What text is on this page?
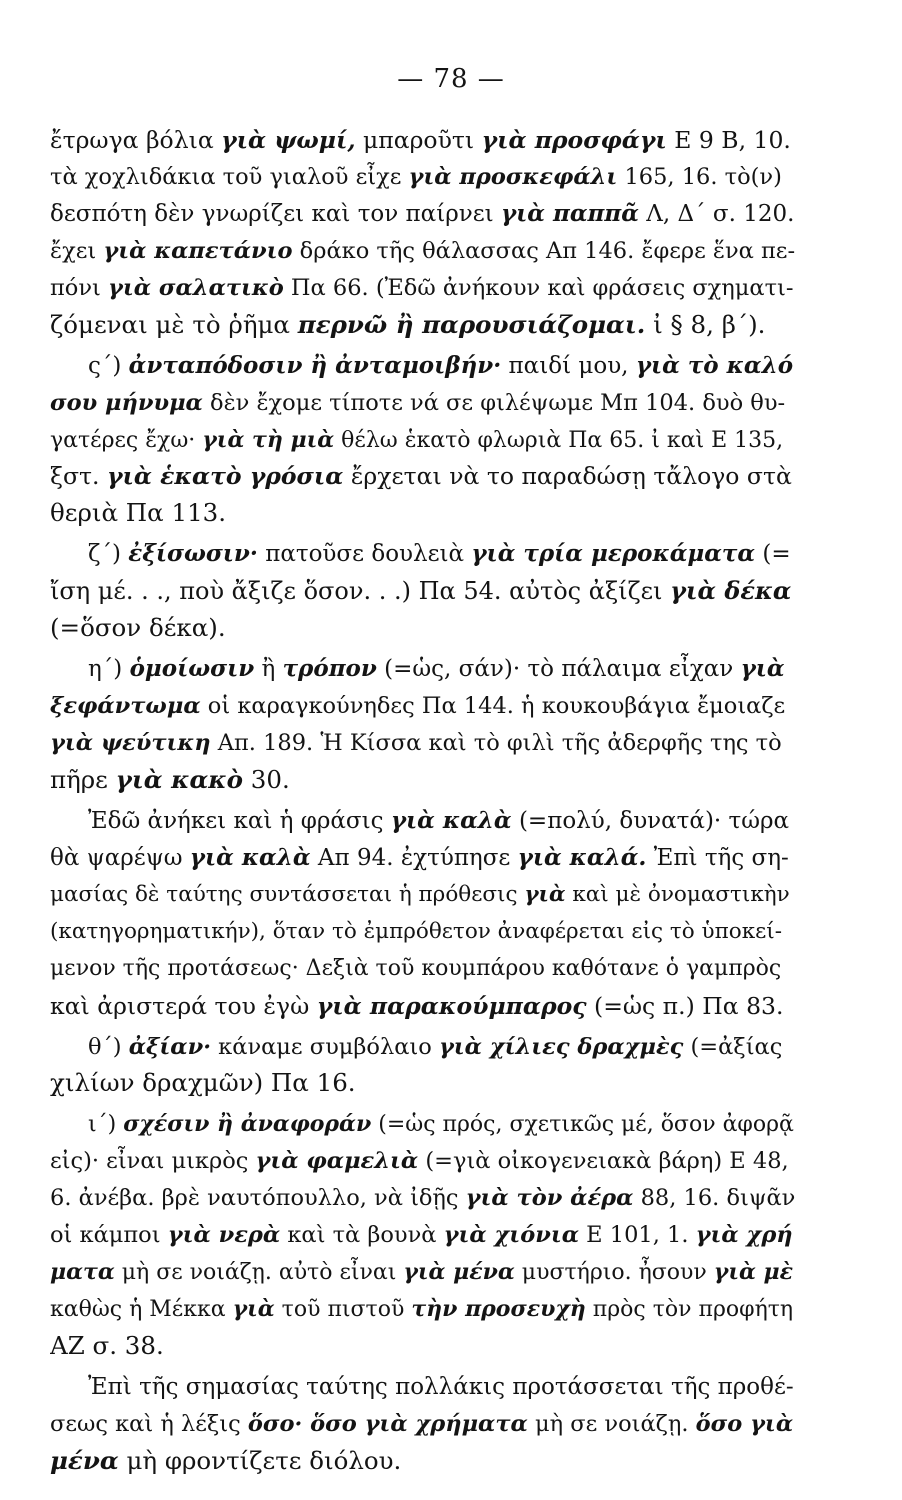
— 78 —
ἔτρωγα βόλια γιὰ ψωμί, μπαροῦτι γιὰ προσφάγι Ε 9 Β, 10.
τὰ χοχλιδάκια τοῦ γιαλοῦ εἶχε γιὰ προσκεφάλι 165, 16. τὸ(ν)
δεσπότη δὲν γνωρίζει καὶ τον παίρνει γιὰ παππᾶ Λ, Δ΄ σ. 120.
ἔχει γιὰ καπετάνιο δράκο τῆς θάλασσας Απ 146. ἔφερε ἕνα πε-
πόνι γιὰ σαλατικὸ Πα 66. (Ἐδῶ ἀνήκουν καὶ φράσεις σχηματι-
ζόμεναι μὲ τὸ ῥῆμα περνῶ ἢ παρουσιάζομαι. ἰ § 8, β΄).
ς΄) ἀνταπόδοσιν ἢ ἀνταμοιβήν· παιδί μου, γιὰ τὸ καλό
σου μήνυμα δὲν ἔχομε τίποτε νά σε φιλέψωμε Μπ 104. δυὸ θυ-
γατέρες ἔχω· γιὰ τὴ μιὰ θέλω ἑκατὸ φλωριὰ Πα 65. ἰ καὶ Ε 135,
ξστ. γιὰ ἑκατὸ γρόσια ἔρχεται νὰ το παραδώσῃ τἄλογο στὰ
θεριὰ Πα 113.
ζ΄) ἐξίσωσιν· πατοῦσε δουλειὰ γιὰ τρία μεροκάματα (=
ἴση μέ. . ., ποὺ ἄξιζε ὅσον. . .) Πα 54. αὐτὸς ἀξίζει γιὰ δέκα
(=ὅσον δέκα).
η΄) ὁμοίωσιν ἢ τρόπον (=ὡς, σάν)· τὸ πάλαιμα εἶχαν γιὰ
ξεφάντωμα οἱ καραγκούνηδες Πα 144. ἡ κουκουβάγια ἔμοιαζε
γιὰ ψεύτικη Απ. 189. Ἡ Κίσσα καὶ τὸ φιλὶ τῆς ἀδερφῆς της τὸ
πῆρε γιὰ κακὸ 30.
Ἐδῶ ἀνήκει καὶ ἡ φράσις γιὰ καλὰ (=πολύ, δυνατά)· τώρα
θὰ ψαρέψω γιὰ καλὰ Απ 94. ἐχτύπησε γιὰ καλά. Ἐπὶ τῆς ση-
μασίας δὲ ταύτης συντάσσεται ἡ πρόθεσις γιὰ καὶ μὲ ὀνομαστικὴν
(κατηγορηματικήν), ὅταν τὸ ἐμπρόθετον ἀναφέρεται εἰς τὸ ὑποκεί-
μενον τῆς προτάσεως· Δεξιὰ τοῦ κουμπάρου καθότανε ὁ γαμπρὸς
καὶ ἀριστερά του ἐγὼ γιὰ παρακούμπαρος (=ὡς π.) Πα 83.
θ΄) ἀξίαν· κάναμε συμβόλαιο γιὰ χίλιες δραχμὲς (=ἀξίας
χιλίων δραχμῶν) Πα 16.
ι΄) σχέσιν ἢ ἀναφοράν (=ὡς πρός, σχετικῶς μέ, ὅσον ἀφορᾷ
εἰς)· εἶναι μικρὸς γιὰ φαμελιὰ (=γιὰ οἰκογενειακὰ βάρη) Ε 48,
6. ἀνέβα. βρὲ ναυτόπουλλο, νὰ ἰδῇς γιὰ τὸν ἀέρα 88, 16. διψᾶν
οἱ κάμποι γιὰ νερὰ καὶ τὰ βουνὰ γιὰ χιόνια Ε 101, 1. γιὰ χρή
ματα μὴ σε νοιάζῃ. αὐτὸ εἶναι γιὰ μένα μυστήριο. ἦσουν γιὰ μὲ
καθὼς ἡ Μέκκα γιὰ τοῦ πιστοῦ τὴν προσευχὴ πρὸς τὸν προφήτη
ΑΖ σ. 38.
Ἐπὶ τῆς σημασίας ταύτης πολλάκις προτάσσεται τῆς προθέ-
σεως καὶ ἡ λέξις ὅσο· ὅσο γιὰ χρήματα μὴ σε νοιάζῃ. ὅσο γιὰ
μένα μὴ φροντίζετε διόλου.
